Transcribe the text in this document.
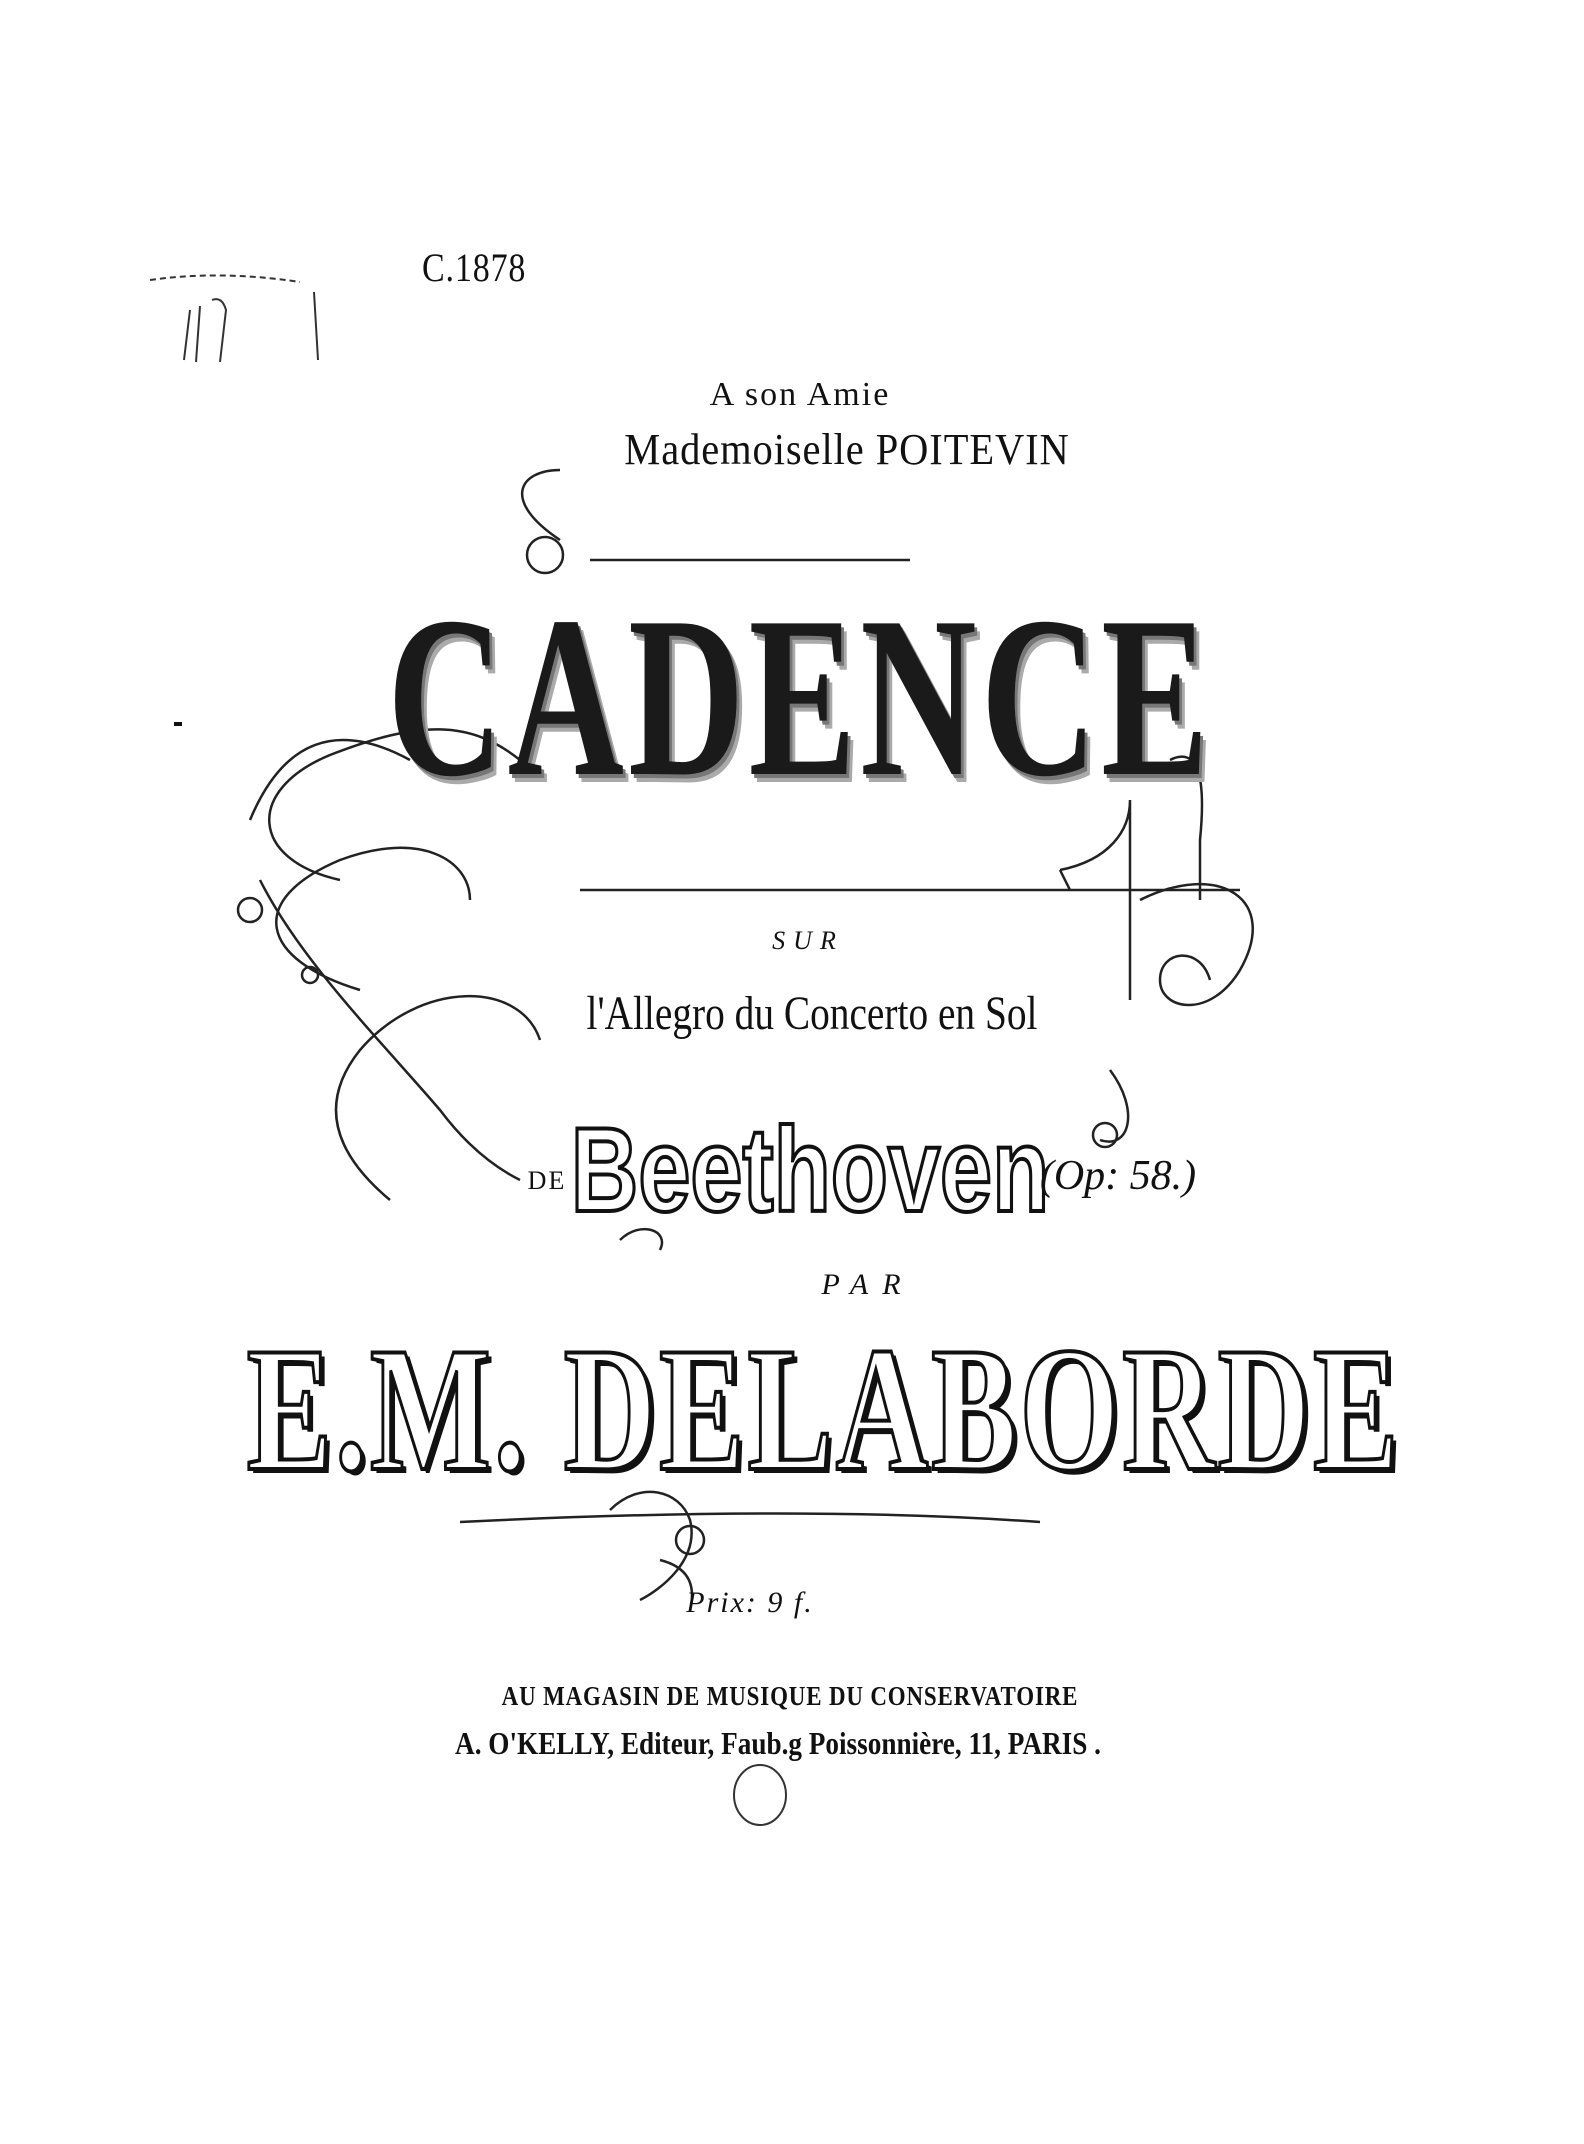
C.1878
A son Amie
Mademoiselle POITEVIN
CADENCE
SUR
l'Allegro du Concerto en Sol
DE Beethoven
(Op: 58.)
PAR
E.M. DELABORDE
Prix: 9 f.
AU MAGASIN DE MUSIQUE DU CONSERVATOIRE
A. O'KELLY, Editeur, Faub.g Poissonnière, 11, PARIS .
